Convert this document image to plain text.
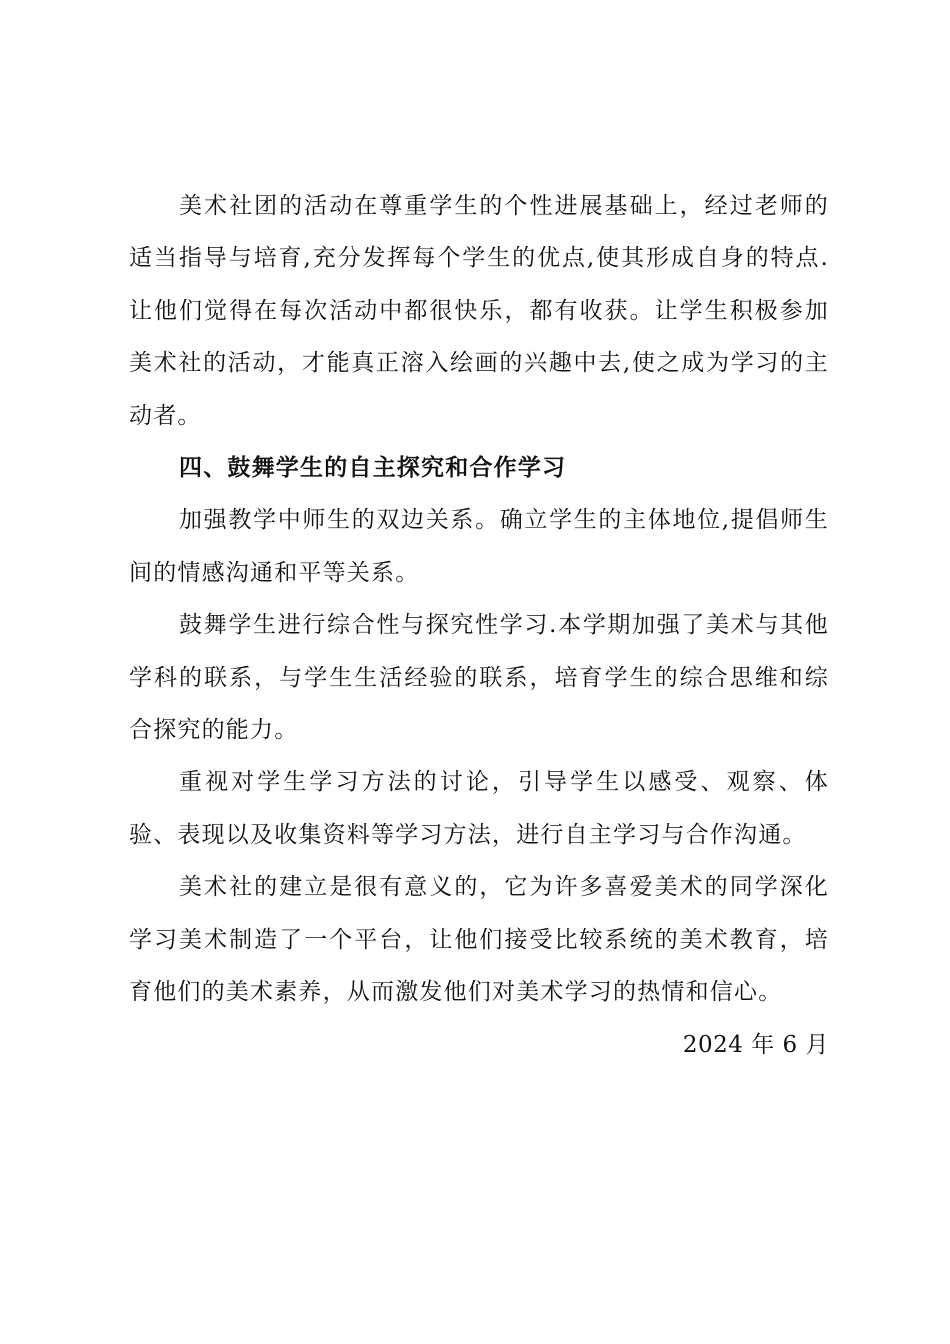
美术社团的活动在尊重学生的个性进展基础上，经过老师的适当指导与培育,充分发挥每个学生的优点,使其形成自身的特点.让他们觉得在每次活动中都很快乐，都有收获。让学生积极参加美术社的活动，才能真正溶入绘画的兴趣中去,使之成为学习的主动者。

四、鼓舞学生的自主探究和合作学习

加强教学中师生的双边关系。确立学生的主体地位,提倡师生间的情感沟通和平等关系。

鼓舞学生进行综合性与探究性学习.本学期加强了美术与其他学科的联系，与学生生活经验的联系，培育学生的综合思维和综合探究的能力。

重视对学生学习方法的讨论，引导学生以感受、观察、体验、表现以及收集资料等学习方法，进行自主学习与合作沟通。

美术社的建立是很有意义的，它为许多喜爱美术的同学深化学习美术制造了一个平台，让他们接受比较系统的美术教育，培育他们的美术素养，从而激发他们对美术学习的热情和信心。

2024 年 6 月
